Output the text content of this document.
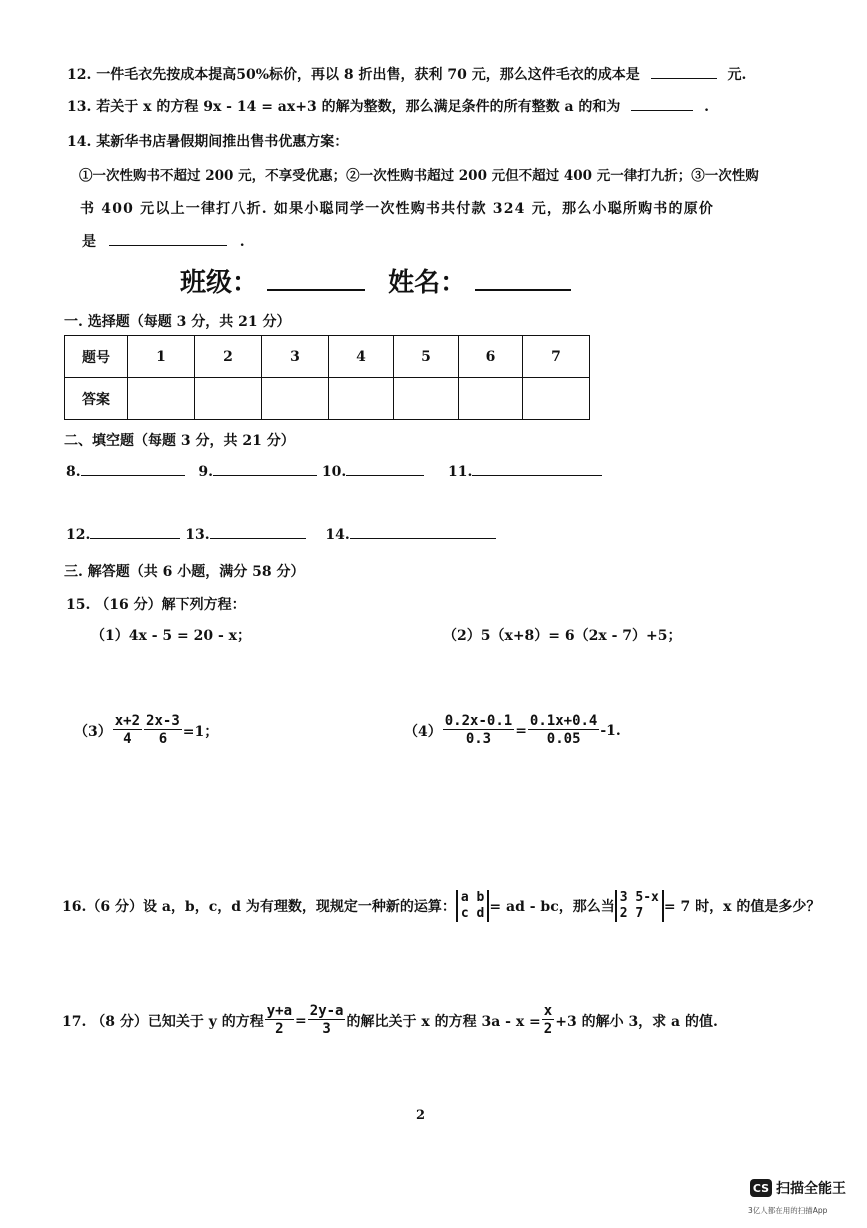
12. 一件毛衣先按成本提高50%标价，再以 8 折出售，获利 70 元，那么这件毛衣的成本是	元.
13. 若关于 x 的方程 9x - 14 = ax+3 的解为整数，那么满足条件的所有整数 a 的和为	.
14. 某新华书店暑假期间推出售书优惠方案：
①一次性购书不超过 200 元，不享受优惠；②一次性购书超过 200 元但不超过 400 元一律打九折；③一次性购
书 400 元以上一律打八折. 如果小聪同学一次性购书共付款 324 元，那么小聪所购书的原价
是	.
班级：	姓名：
一. 选择题（每题 3 分，共 21 分）
题号	1	2	3	4	5	6	7
答案							
二、填空题（每题 3 分，共 21 分）
8.	9.	10.	11.
12.	13.	14.
三. 解答题（共 6 小题，满分 58 分）
15. （16 分）解下列方程：
（1）4x - 5 = 20 - x；	（2）5（x+8）= 6（2x - 7）+5；
$(3) \frac{x+2}{4} \frac{2x-3}{6} =1$；	$(4) \frac{0.2x-0.1}{0.3} = \frac{0.1x+0.4}{0.05} -1$.
16.（6 分）设 a，b，c，d 为有理数，现规定一种新的运算：
a b
c d = ad - bc，那么当
3 5-x
2 7	= 7 时，x 的值是多少？
17. （8 分）已知关于 y 的方程 $\frac{y+a}{2} = \frac{2y-a}{3}$ 的解比关于 x 的方程 $3a - x = \frac{x}{2} +3$ 的解小 3，求 a 的值.
2
CS 扫描全能王
3亿人都在用的扫描App
